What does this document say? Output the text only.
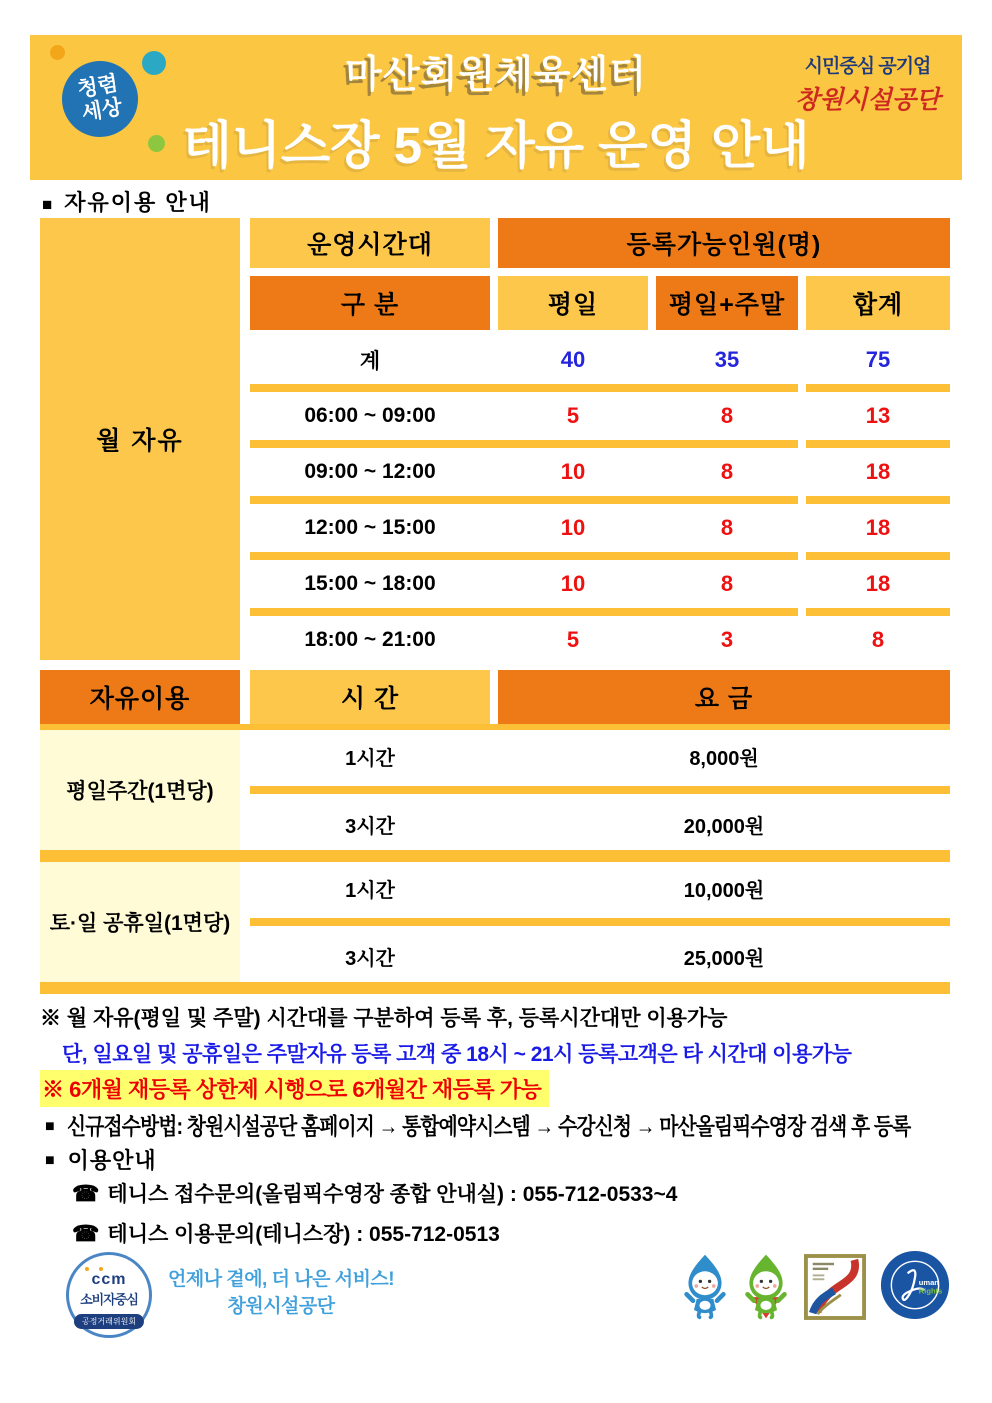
청렴
세상
마산회원체육센터
테니스장 5월 자유 운영 안내
시민중심 공기업
창원시설공단
■ 자유이용 안내
월 자유
운영시간대	등록가능인원(명)
구 분	평일	평일+주말	합계
계	40	35	75
06:00 ~ 09:00	5	8	13
09:00 ~ 12:00	10	8	18
12:00 ~ 15:00	10	8	18
15:00 ~ 18:00	10	8	18
18:00 ~ 21:00	5	3	8
자유이용	시 간	요 금
평일주간(1면당)
1시간	8,000원
3시간	20,000원
토·일 공휴일(1면당)
1시간	10,000원
3시간	25,000원
※ 월 자유(평일 및 주말) 시간대를 구분하여 등록 후, 등록시간대만 이용가능
단, 일요일 및 공휴일은 주말자유 등록 고객 중 18시 ~ 21시 등록고객은 타 시간대 이용가능
※ 6개월 재등록 상한제 시행으로 6개월간 재등록 가능
■ 신규접수방법: 창원시설공단 홈페이지 → 통합예약시스템 → 수강신청 → 마산올림픽수영장 검색 후 등록
■ 이용안내
☎ 테니스 접수문의(올림픽수영장 종합 안내실) : 055-712-0533~4
☎ 테니스 이용문의(테니스장) : 055-712-0513
ccm
소비자중심
공정거래위원회
언제나 곁에, 더 나은 서비스!
창원시설공단
uman
Rights
